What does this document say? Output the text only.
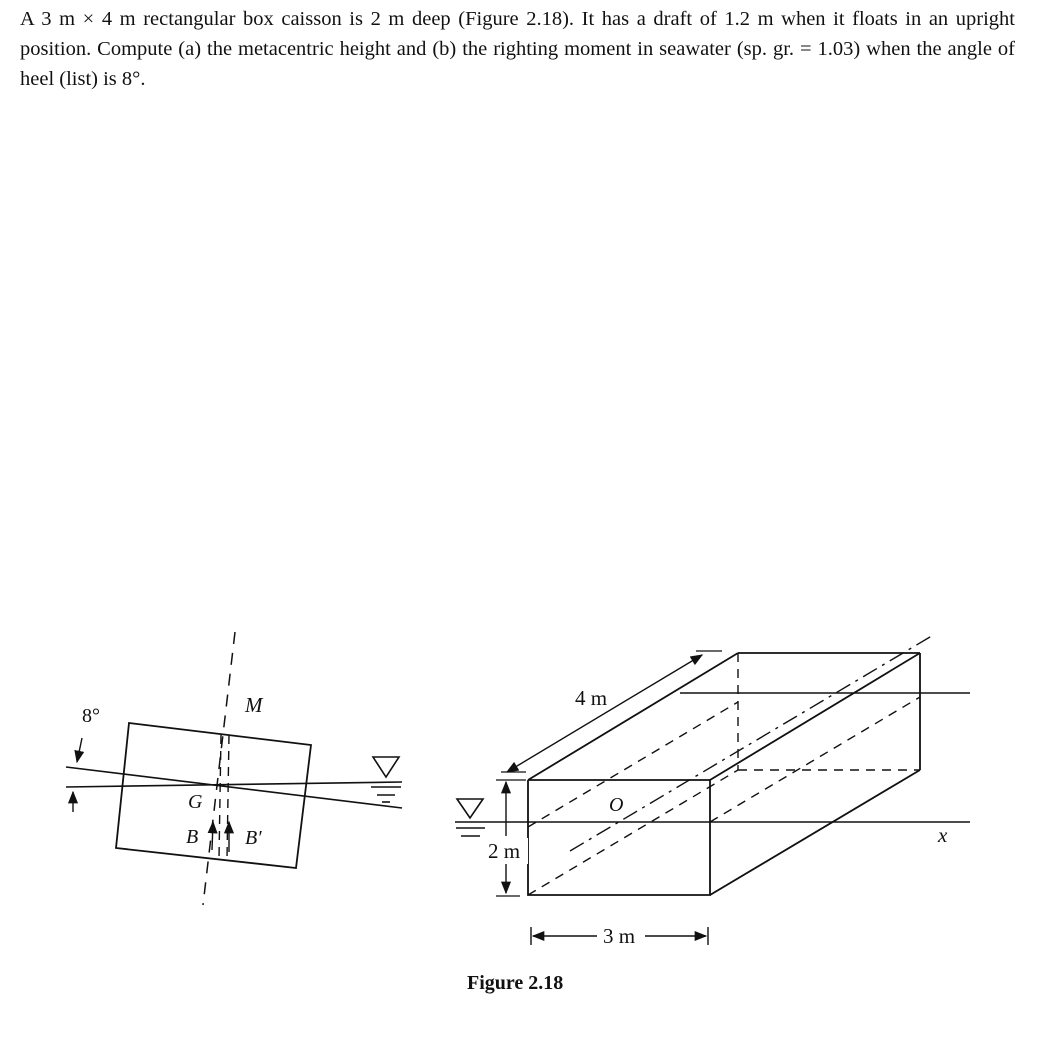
A 3 m × 4 m rectangular box caisson is 2 m deep (Figure 2.18). It has a draft of 1.2 m when it floats in an upright position. Compute (a) the metacentric height and (b) the righting moment in seawater (sp. gr. = 1.03) when the angle of heel (list) is 8°.
8°	M
G
B B′
4 m
O
x
2 m
3 m
Figure 2.18
